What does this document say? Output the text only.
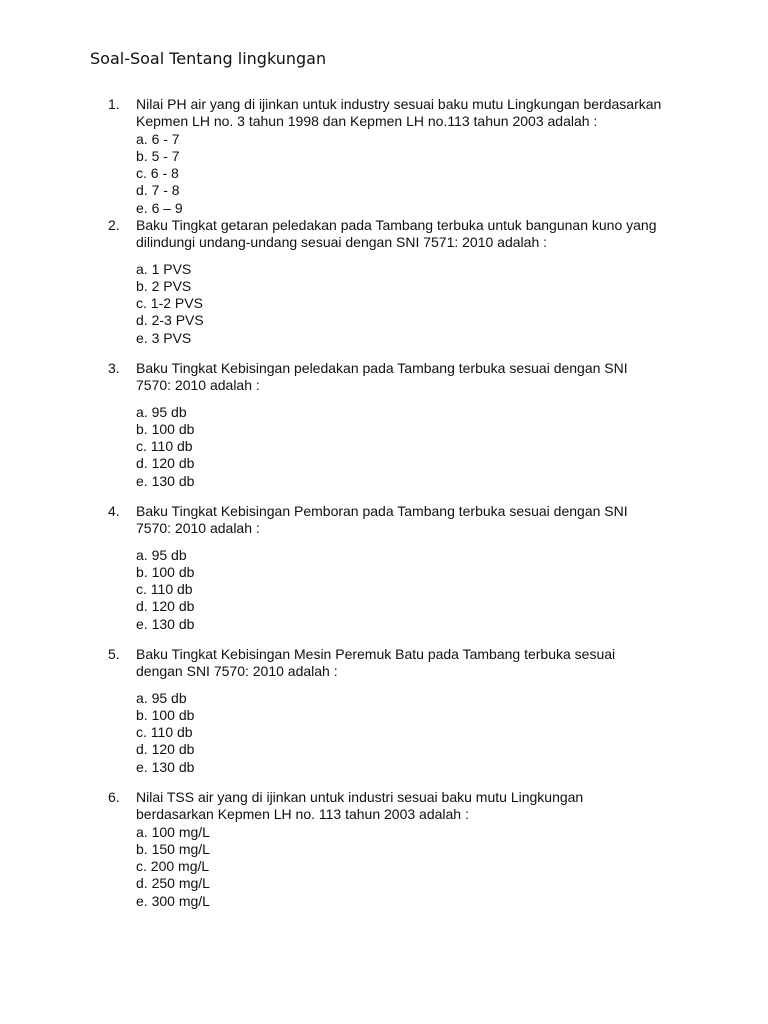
Soal-Soal Tentang lingkungan
1.	Nilai PH air yang di ijinkan untuk industry sesuai baku mutu Lingkungan berdasarkan
Kepmen LH no. 3 tahun 1998 dan Kepmen LH no.113 tahun 2003 adalah :
a. 6 - 7
b. 5 - 7
c. 6 - 8
d. 7 - 8
e. 6 – 9
2.	Baku Tingkat getaran peledakan pada Tambang terbuka untuk bangunan kuno yang
dilindungi undang-undang sesuai dengan SNI 7571: 2010 adalah :
a. 1 PVS
b. 2 PVS
c. 1-2 PVS
d. 2-3 PVS
e. 3 PVS
3.	Baku Tingkat Kebisingan peledakan pada Tambang terbuka sesuai dengan SNI
7570: 2010 adalah :
a. 95 db
b. 100 db
c. 110 db
d. 120 db
e. 130 db
4.	Baku Tingkat Kebisingan Pemboran pada Tambang terbuka sesuai dengan SNI
7570: 2010 adalah :
a. 95 db
b. 100 db
c. 110 db
d. 120 db
e. 130 db
5.	Baku Tingkat Kebisingan Mesin Peremuk Batu pada Tambang terbuka sesuai
dengan SNI 7570: 2010 adalah :
a. 95 db
b. 100 db
c. 110 db
d. 120 db
e. 130 db
6.	Nilai TSS air yang di ijinkan untuk industri sesuai baku mutu Lingkungan
berdasarkan Kepmen LH no. 113 tahun 2003 adalah :
a. 100 mg/L
b. 150 mg/L
c. 200 mg/L
d. 250 mg/L
e. 300 mg/L
